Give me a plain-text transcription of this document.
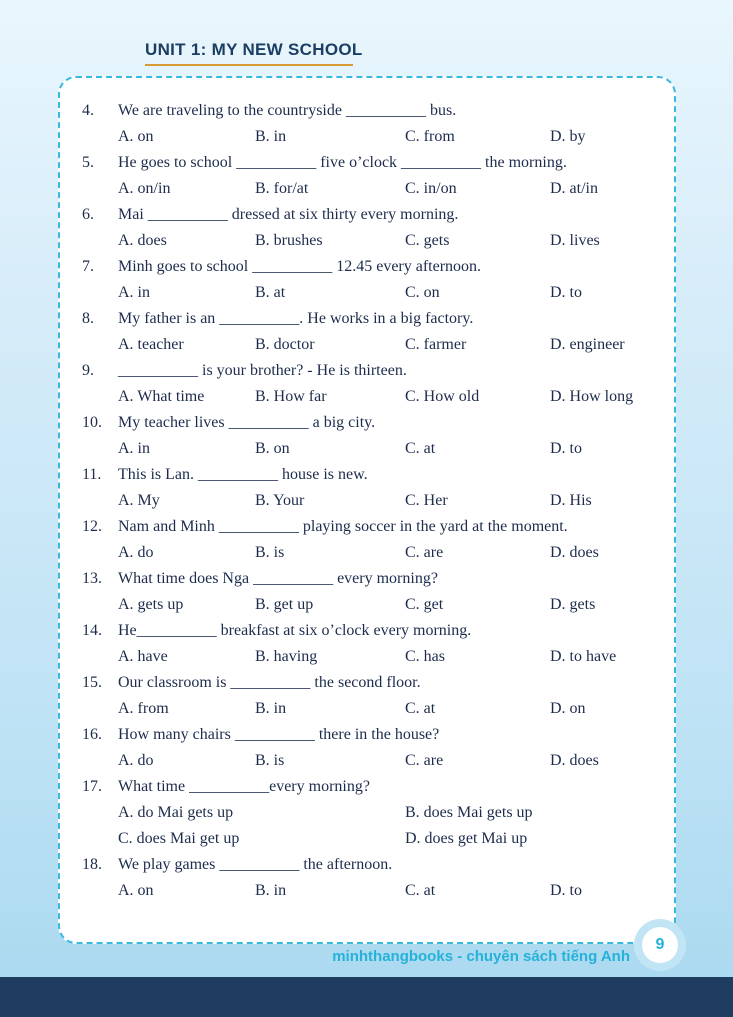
UNIT 1: MY NEW SCHOOL
4.	We are traveling to the countryside __________ bus.
A. on	B. in	C. from	D. by
5.	He goes to school __________ five o’clock __________ the morning.
A. on/in	B. for/at	C. in/on	D. at/in
6.	Mai __________ dressed at six thirty every morning.
A. does	B. brushes	C. gets	D. lives
7.	Minh goes to school __________ 12.45 every afternoon.
A. in	B. at	C. on	D. to
8.	My father is an __________. He works in a big factory.
A. teacher	B. doctor	C. farmer	D. engineer
9.	__________ is your brother? - He is thirteen.
A. What time	B. How far	C. How old	D. How long
10.	My teacher lives __________ a big city.
A. in	B. on	C. at	D. to
11.	This is Lan. __________ house is new.
A. My	B. Your	C. Her	D. His
12.	Nam and Minh __________ playing soccer in the yard at the moment.
A. do	B. is	C. are	D. does
13.	What time does Nga __________ every morning?
A. gets up	B. get up	C. get	D. gets
14.	He__________ breakfast at six o’clock every morning.
A. have	B. having	C. has	D. to have
15.	Our classroom is __________ the second floor.
A. from	B. in	C. at	D. on
16.	How many chairs __________ there in the house?
A. do	B. is	C. are	D. does
17.	What time __________every morning?
A. do Mai gets up	B. does Mai gets up
C. does Mai get up	D. does get Mai up
18.	We play games __________ the afternoon.
A. on	B. in	C. at	D. to
minhthangbooks - chuyên sách tiếng Anh
9
